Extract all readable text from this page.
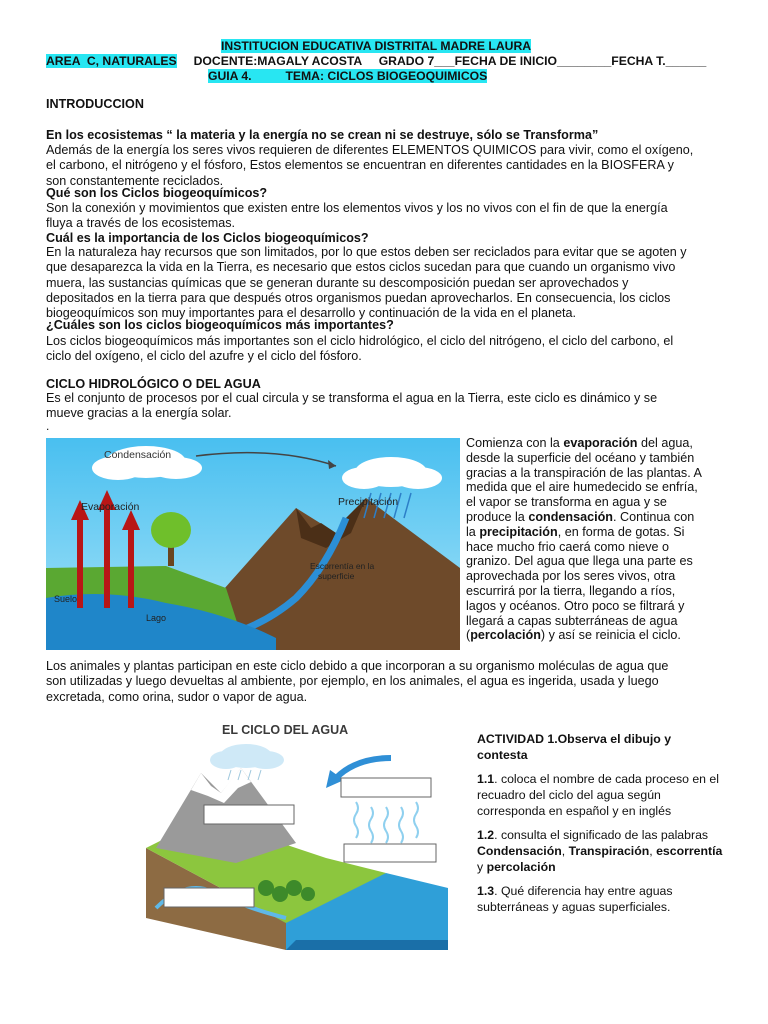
INSTITUCION EDUCATIVA DISTRITAL MADRE LAURA
AREA  C, NATURALES DOCENTE:MAGALY ACOSTA     GRADO 7___FECHA DE INICIO________FECHA T.______
GUIA 4.	TEMA: CICLOS BIOGEOQUIMICOS
INTRODUCCION
En los ecosistemas “ la materia y la energía no se crean ni se destruye, sólo se Transforma”
Además de la energía los seres vivos requieren de diferentes ELEMENTOS QUIMICOS para vivir, como el oxígeno,
el carbono, el nitrógeno y el fósforo, Estos elementos se encuentran en diferentes cantidades en la BIOSFERA y
son constantemente reciclados.
Qué son los Ciclos biogeoquímicos?
Son la conexión y movimientos que existen entre los elementos vivos y los no vivos con el fin de que la energía
fluya a través de los ecosistemas.
Cuál es la importancia de los Ciclos biogeoquímicos?
En la naturaleza hay recursos que son limitados, por lo que estos deben ser reciclados para evitar que se agoten y
que desaparezca la vida en la Tierra, es necesario que estos ciclos sucedan para que cuando un organismo vivo
muera, las sustancias químicas que se generan durante su descomposición puedan ser aprovechados y
depositados en la tierra para que después otros organismos puedan aprovecharlos. En consecuencia, los ciclos
biogeoquímicos son muy importantes para el desarrollo y continuación de la vida en el planeta.
¿Cuáles son los ciclos biogeoquímicos más importantes?
Los ciclos biogeoquímicos más importantes son el ciclo hidrológico, el ciclo del nitrógeno, el ciclo del carbono, el
ciclo del oxígeno, el ciclo del azufre y el ciclo del fósforo.
CICLO HIDROLÓGICO O DEL AGUA
Es el conjunto de procesos por el cual circula y se transforma el agua en la Tierra, este ciclo es dinámico y se
mueve gracias a la energía solar.
.
Condensación
Precipitación
Evaporación
Escorrentía en la
superficie
Suelo
Lago
Comienza con la evaporación del agua,
desde la superficie del océano y también
gracias a la transpiración de las plantas. A
medida que el aire humedecido se enfría,
el vapor se transforma en agua y se
produce la condensación. Continua con
la precipitación, en forma de gotas. Si
hace mucho frio caerá como nieve o
granizo. Del agua que llega una parte es
aprovechada por los seres vivos, otra
escurrirá por la tierra, llegando a ríos,
lagos y océanos. Otro poco se filtrará y
llegará a capas subterráneas de agua
(percolación) y así se reinicia el ciclo.
Los animales y plantas participan en este ciclo debido a que incorporan a su organismo moléculas de agua que
son utilizadas y luego devueltas al ambiente, por ejemplo, en los animales, el agua es ingerida, usada y luego
excretada, como orina, sudor o vapor de agua.
EL CICLO DEL AGUA

ACTIVIDAD 1.Observa el dibujo y contesta

1.1. coloca el nombre de cada proceso en el recuadro del ciclo del agua según corresponda en español y en inglés

1.2. consulta el significado de las palabras Condensación, Transpiración, escorrentía y percolación

1.3. Qué diferencia hay entre aguas subterráneas y aguas superficiales.
